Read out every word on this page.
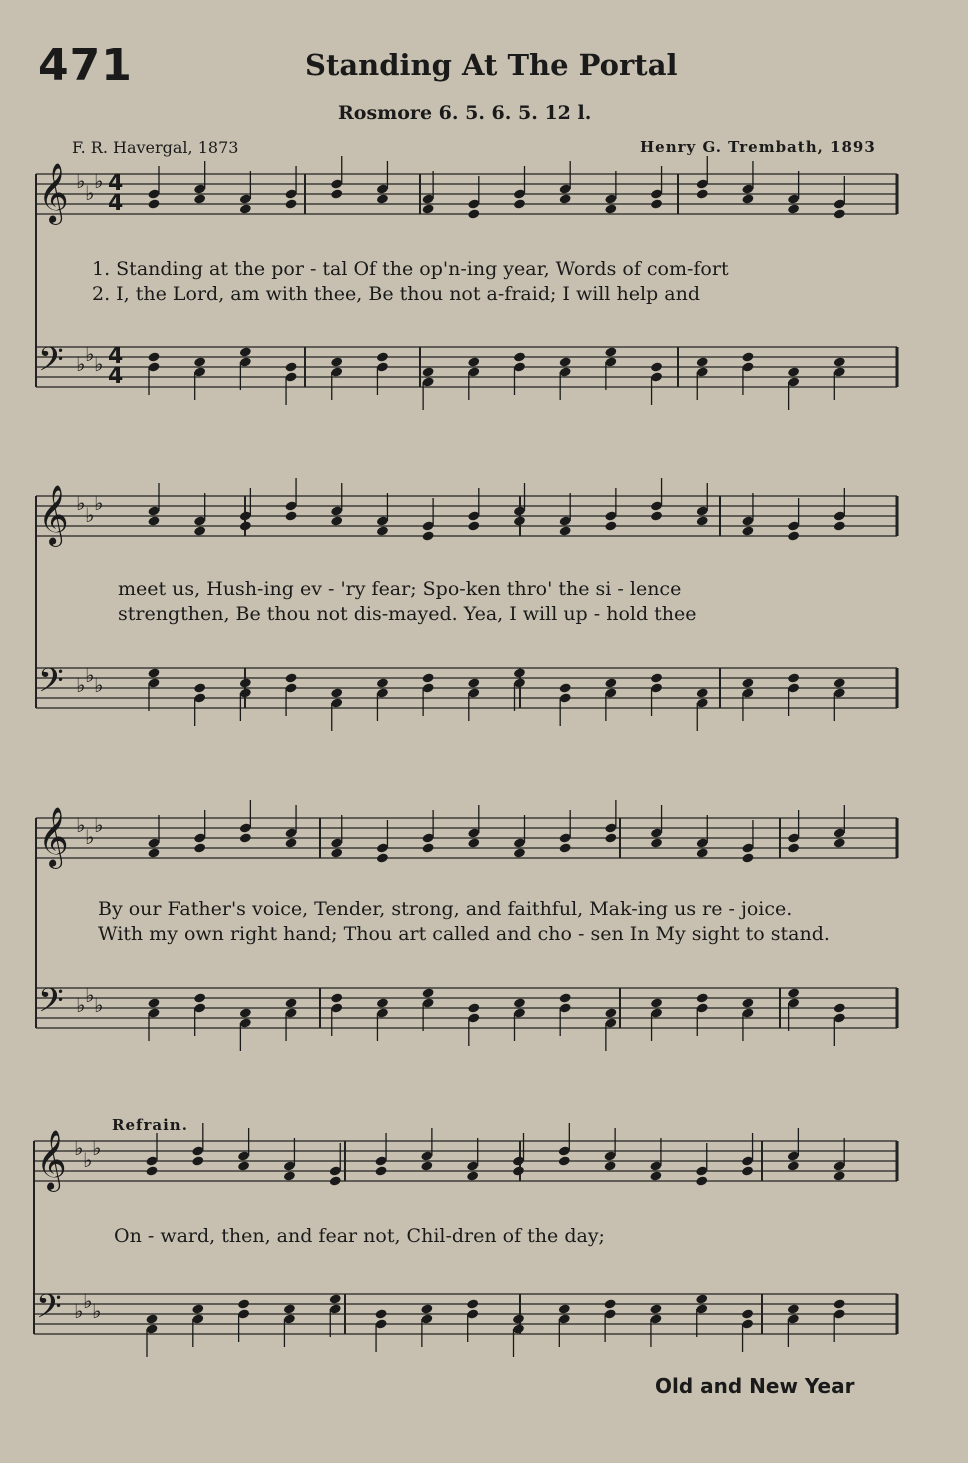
471	Standing At The Portal
Rosmore 6. 5. 6. 5. 12 l.
F. R. Havergal, 1873	Henry G. Trembath, 1893
𝄞 ♭ ♭ ♭
𝄢 ♭ ♭ ♭
𝄞 ♭ ♭ ♭
𝄢 ♭ ♭ ♭
𝄞 ♭ ♭ ♭
𝄢 ♭ ♭ ♭
𝄞 ♭ ♭ ♭
𝄢 ♭ ♭ ♭
4
4
4
4
1. Standing at the por - tal Of the op'n-ing year, Words of com-fort
2. I, the Lord, am with thee, Be thou not a-fraid; I will help and
meet us, Hush-ing ev - 'ry fear; Spo-ken thro' the si - lence
strengthen, Be thou not dis-mayed. Yea, I will up - hold thee
By our Father's voice, Tender, strong, and faithful, Mak-ing us re - joice.
With my own right hand; Thou art called and cho - sen In My sight to stand.
Refrain.
On - ward, then, and fear not, Chil-dren of the day;
Old and New Year
